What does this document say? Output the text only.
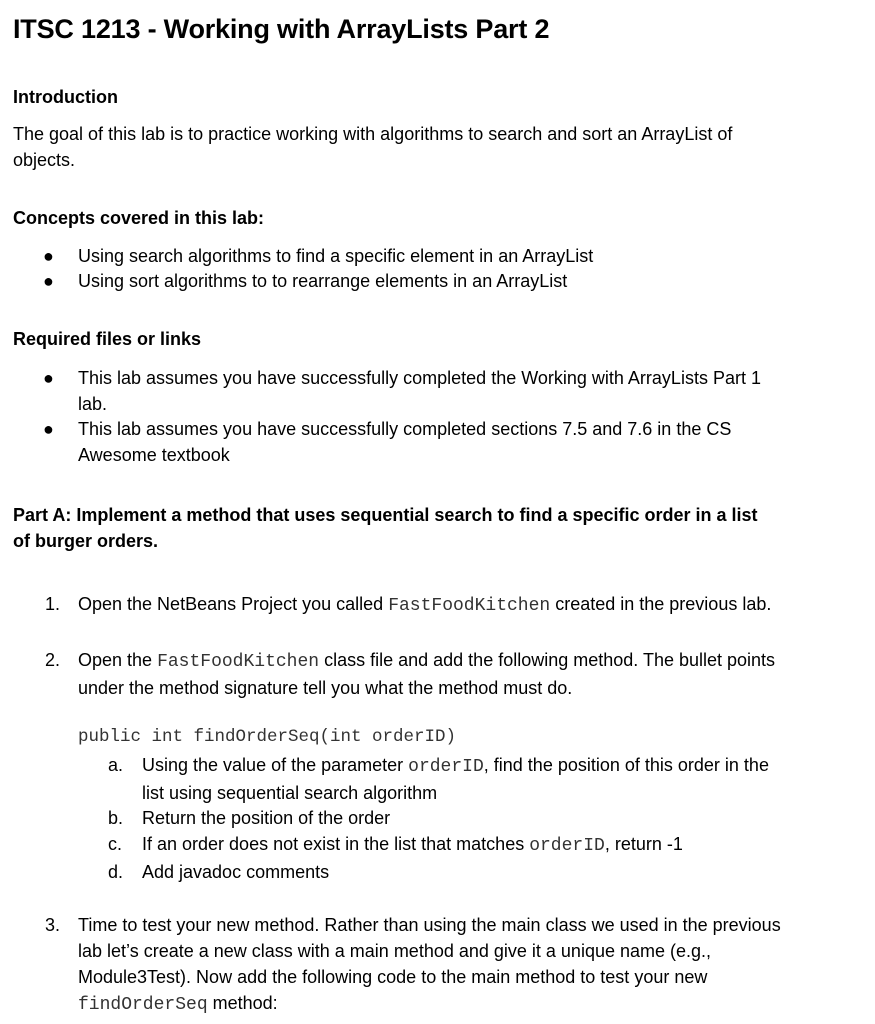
ITSC 1213 - Working with ArrayLists Part 2
Introduction
The goal of this lab is to practice working with algorithms to search and sort an ArrayList of
objects.
Concepts covered in this lab:
●	Using search algorithms to find a specific element in an ArrayList
●	Using sort algorithms to to rearrange elements in an ArrayList
Required files or links
●	This lab assumes you have successfully completed the Working with ArrayLists Part 1
lab.
●	This lab assumes you have successfully completed sections 7.5 and 7.6 in the CS
Awesome textbook
Part A: Implement a method that uses sequential search to find a specific order in a list
of burger orders.
1. Open the NetBeans Project you called FastFoodKitchen created in the previous lab.
2. Open the FastFoodKitchen class file and add the following method. The bullet points
under the method signature tell you what the method must do.
public int findOrderSeq(int orderID)
a. Using the value of the parameter orderID, find the position of this order in the
list using sequential search algorithm
b. Return the position of the order
c. If an order does not exist in the list that matches orderID, return -1
d. Add javadoc comments
3. Time to test your new method. Rather than using the main class we used in the previous
lab let’s create a new class with a main method and give it a unique name (e.g.,
Module3Test). Now add the following code to the main method to test your new
findOrderSeq method:
